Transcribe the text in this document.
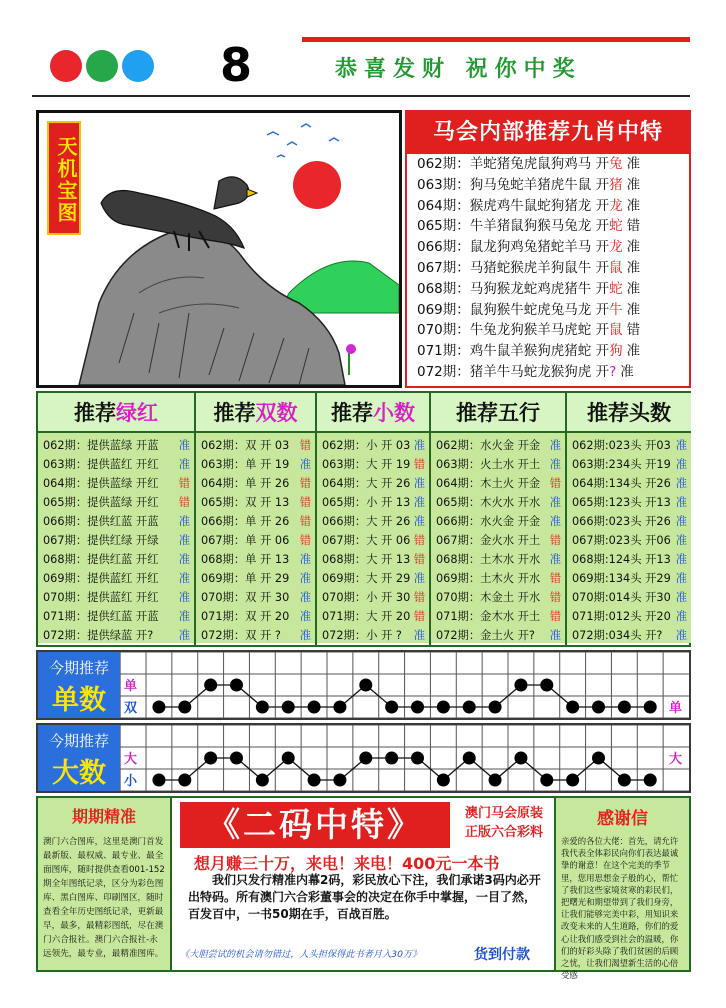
8	恭喜发财 祝你中奖
天机宝图
马会内部推荐九肖中特
062期：羊蛇猪兔虎鼠狗鸡马 开兔 准
063期：狗马兔蛇羊猪虎牛鼠 开猪 准
064期：猴虎鸡牛鼠蛇狗猪龙 开龙 准
065期：牛羊猪鼠狗猴马兔龙 开蛇 错
066期：鼠龙狗鸡兔猪蛇羊马 开龙 准
067期：马猪蛇猴虎羊狗鼠牛 开鼠 准
068期：马狗猴龙蛇鸡虎猪牛 开蛇 准
069期：鼠狗猴牛蛇虎兔马龙 开牛 准
070期：牛兔龙狗猴羊马虎蛇 开鼠 错
071期：鸡牛鼠羊猴狗虎猪蛇 开狗 准
072期：猪羊牛马蛇龙猴狗虎 开? 准
推荐绿红
062期：提供蓝绿 开蓝 准
063期：提供蓝红 开红 准
064期：提供蓝绿 开红 错
065期：提供蓝绿 开红 错
066期：提供红蓝 开蓝 准
067期：提供红绿 开绿 准
068期：提供红蓝 开红 准
069期：提供蓝红 开红 准
070期：提供蓝红 开红 准
071期：提供红蓝 开蓝 准
072期：提供绿蓝 开? 准
推荐双数
062期：双 开 03 错
063期：单 开 19 准
064期：单 开 26 错
065期：双 开 13 错
066期：单 开 26 错
067期：单 开 06 错
068期：单 开 13 准
069期：单 开 29 准
070期：双 开 30 准
071期：双 开 20 准
072期：双 开 ? 准
推荐小数
062期：小 开 03 准
063期：大 开 19 错
064期：大 开 26 准
065期：小 开 13 准
066期：大 开 26 准
067期：大 开 06 错
068期：大 开 13 错
069期：大 开 29 准
070期：小 开 30 错
071期：大 开 20 错
072期：小 开 ? 准
推荐五行
062期：水火金 开金 准
063期：火土水 开土 准
064期：木土火 开金 错
065期：木火水 开水 准
066期：水火金 开金 准
067期：金火水 开土 错
068期：土木水 开水 准
069期：土木火 开水 错
070期：木金土 开水 错
071期：金木水 开土 错
072期：金土火 开? 准
推荐头数
062期:023头 开03 准
063期:234头 开19 准
064期:134头 开26 准
065期:123头 开13 准
066期:023头 开26 准
067期:023头 开06 准
068期:124头 开13 准
069期:134头 开29 准
070期:014头 开30 准
071期:012头 开20 准
072期:034头 开? 准
今期推荐
单数	单
双	单
今期推荐
大数	大
小
大
期期精准
澳门六合图库，这里是澳门首发最新版、最权威、最专业、最全面图库，随时提供查看001-152期全年图纸记录，区分为彩色图库、黑白图库、印刷图区，随时查看全年历史图纸记录，更新最早，最多，最精彩图纸，尽在澳门六合报社。澳门六合报社-永远领先，最专业，最精准图库。
《二码中特》	澳门马会原装
正版六合彩料
想月赚三十万，来电！来电！400元一本书
　　我们只发行精准内幕2码，彩民放心下注，我们承诺3码内必开出特码。所有澳门六合彩董事会的决定在你手中掌握，一目了然，百发百中，一书50期在手，百战百胜。
《大胆尝试的机会请勿错过，人头担保得此书者月入30万》	货到付款
感谢信
亲爱的各位大佬：首先，请允许我代表全体彩民向你们表达最诚挚的谢意！在这个完美的季节里，您用思想金子般的心，帮忙了我们这些家境贫寒的彩民们，把曙光和期望带到了我们身旁，让我们能够完美中彩，用知识来改变未来的人生道路，你们的爱心让我们感受到社会的温暖，你们的好彩头除了我们贫困的后顾之忧，让我们渴望新生活的心倍受感
